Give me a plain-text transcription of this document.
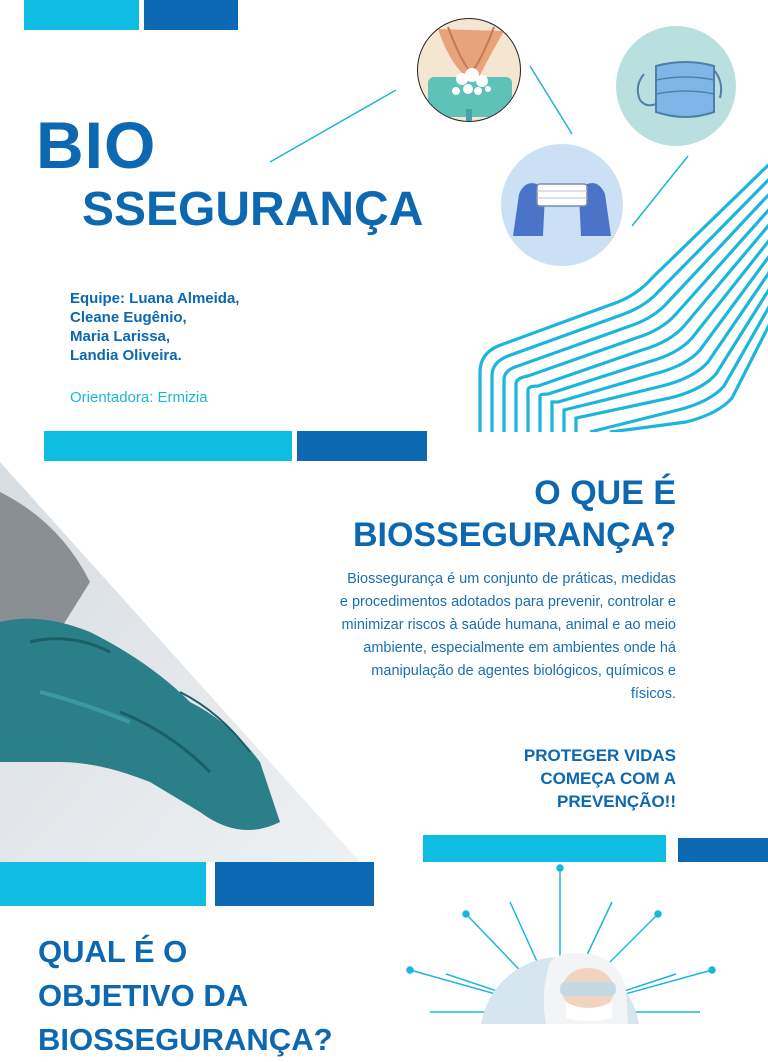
BIO
SSEGURANÇA
Equipe: Luana Almeida,
Cleane Eugênio,
Maria Larissa,
Landia Oliveira.
Orientadora: Ermizia
O QUE É
BIOSSEGURANÇA?

Biossegurança é um conjunto de práticas, medidas e procedimentos adotados para prevenir, controlar e minimizar riscos à saúde humana, animal e ao meio ambiente, especialmente em ambientes onde há manipulação de agentes biológicos, químicos e físicos.

PROTEGER VIDAS
COMEÇA COM A
PREVENÇÃO!!
QUAL É O
OBJETIVO DA
BIOSSEGURANÇA?
